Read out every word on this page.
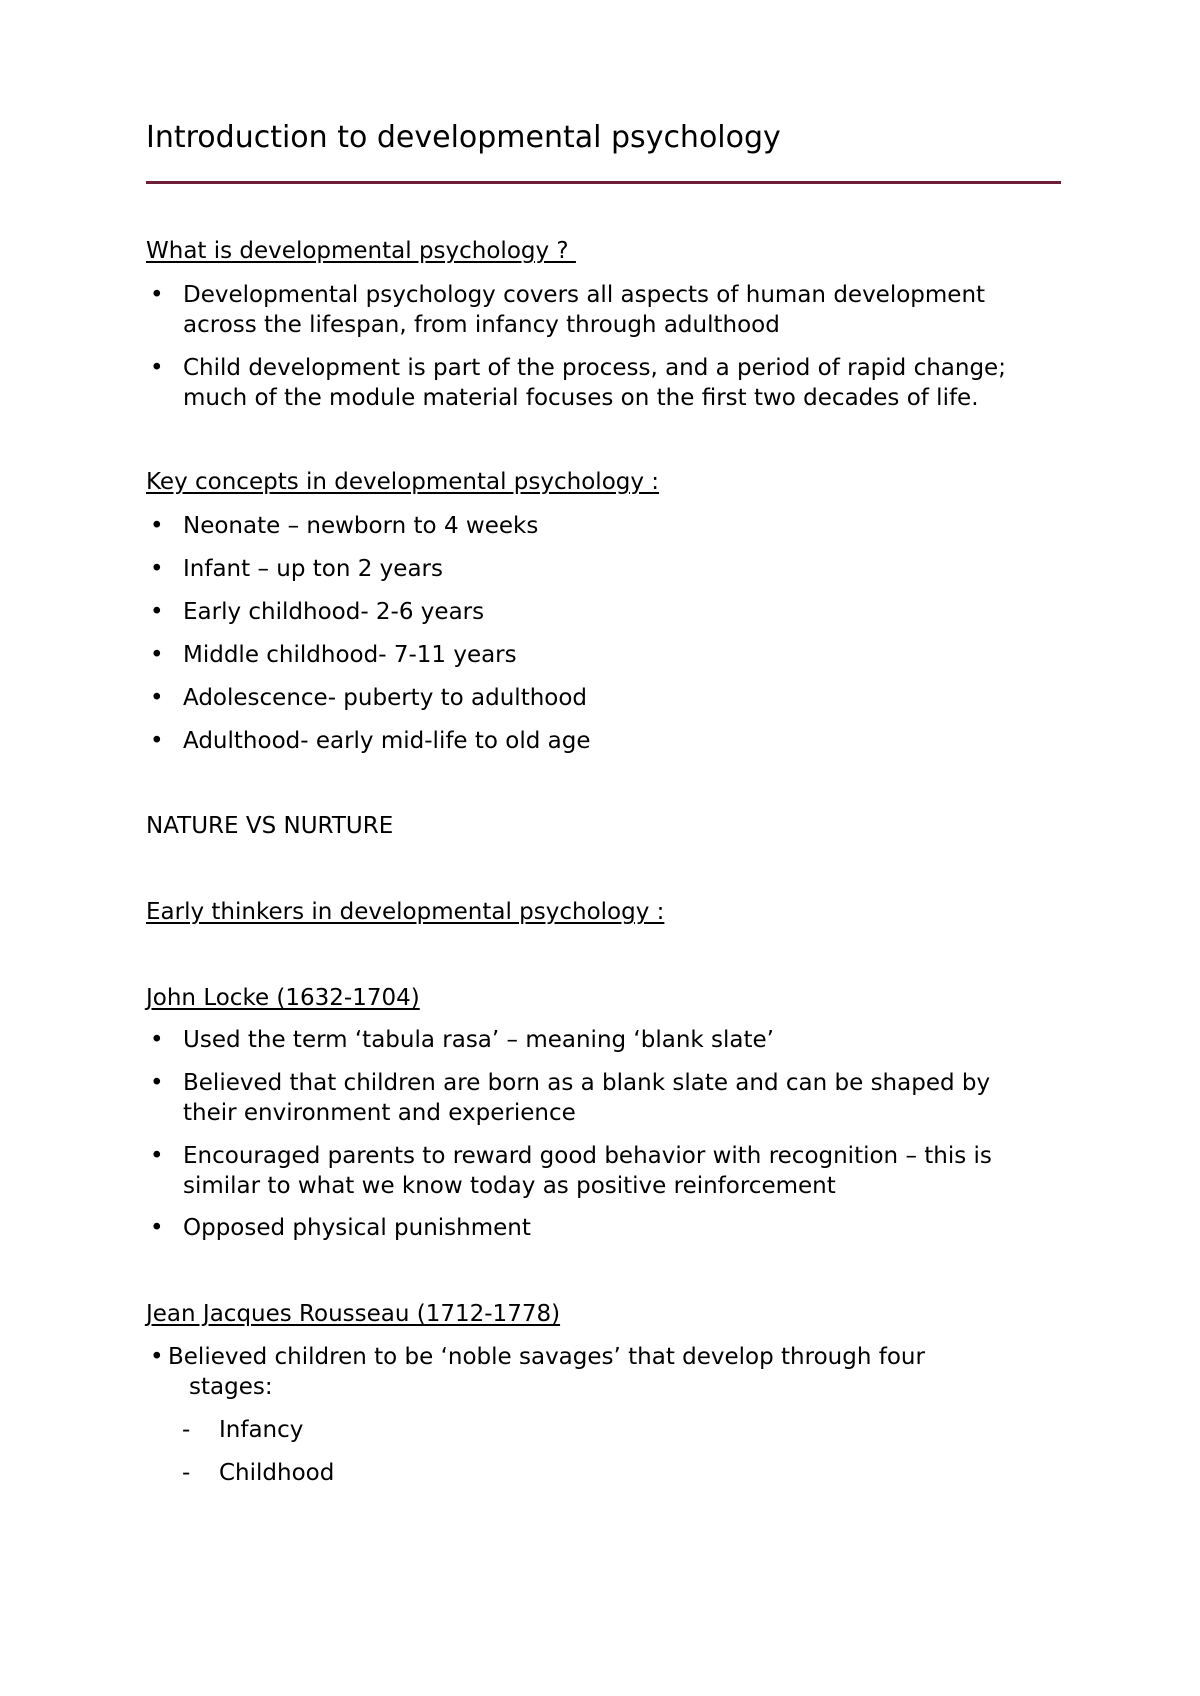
Introduction to developmental psychology

What is developmental psychology ?

• Developmental psychology covers all aspects of human development
across the lifespan, from infancy through adulthood
• Child development is part of the process, and a period of rapid change;
much of the module material focuses on the first two decades of life.

Key concepts in developmental psychology :

• Neonate – newborn to 4 weeks
• Infant – up ton 2 years
• Early childhood- 2-6 years
• Middle childhood- 7-11 years
• Adolescence- puberty to adulthood
• Adulthood- early mid-life to old age

NATURE VS NURTURE

Early thinkers in developmental psychology :

John Locke (1632-1704)

• Used the term ‘tabula rasa’ – meaning ‘blank slate’
• Believed that children are born as a blank slate and can be shaped by
their environment and experience
• Encouraged parents to reward good behavior with recognition – this is
similar to what we know today as positive reinforcement
• Opposed physical punishment

Jean Jacques Rousseau (1712-1778)

• Believed children to be ‘noble savages’ that develop through four
stages:
- Infancy
- Childhood
